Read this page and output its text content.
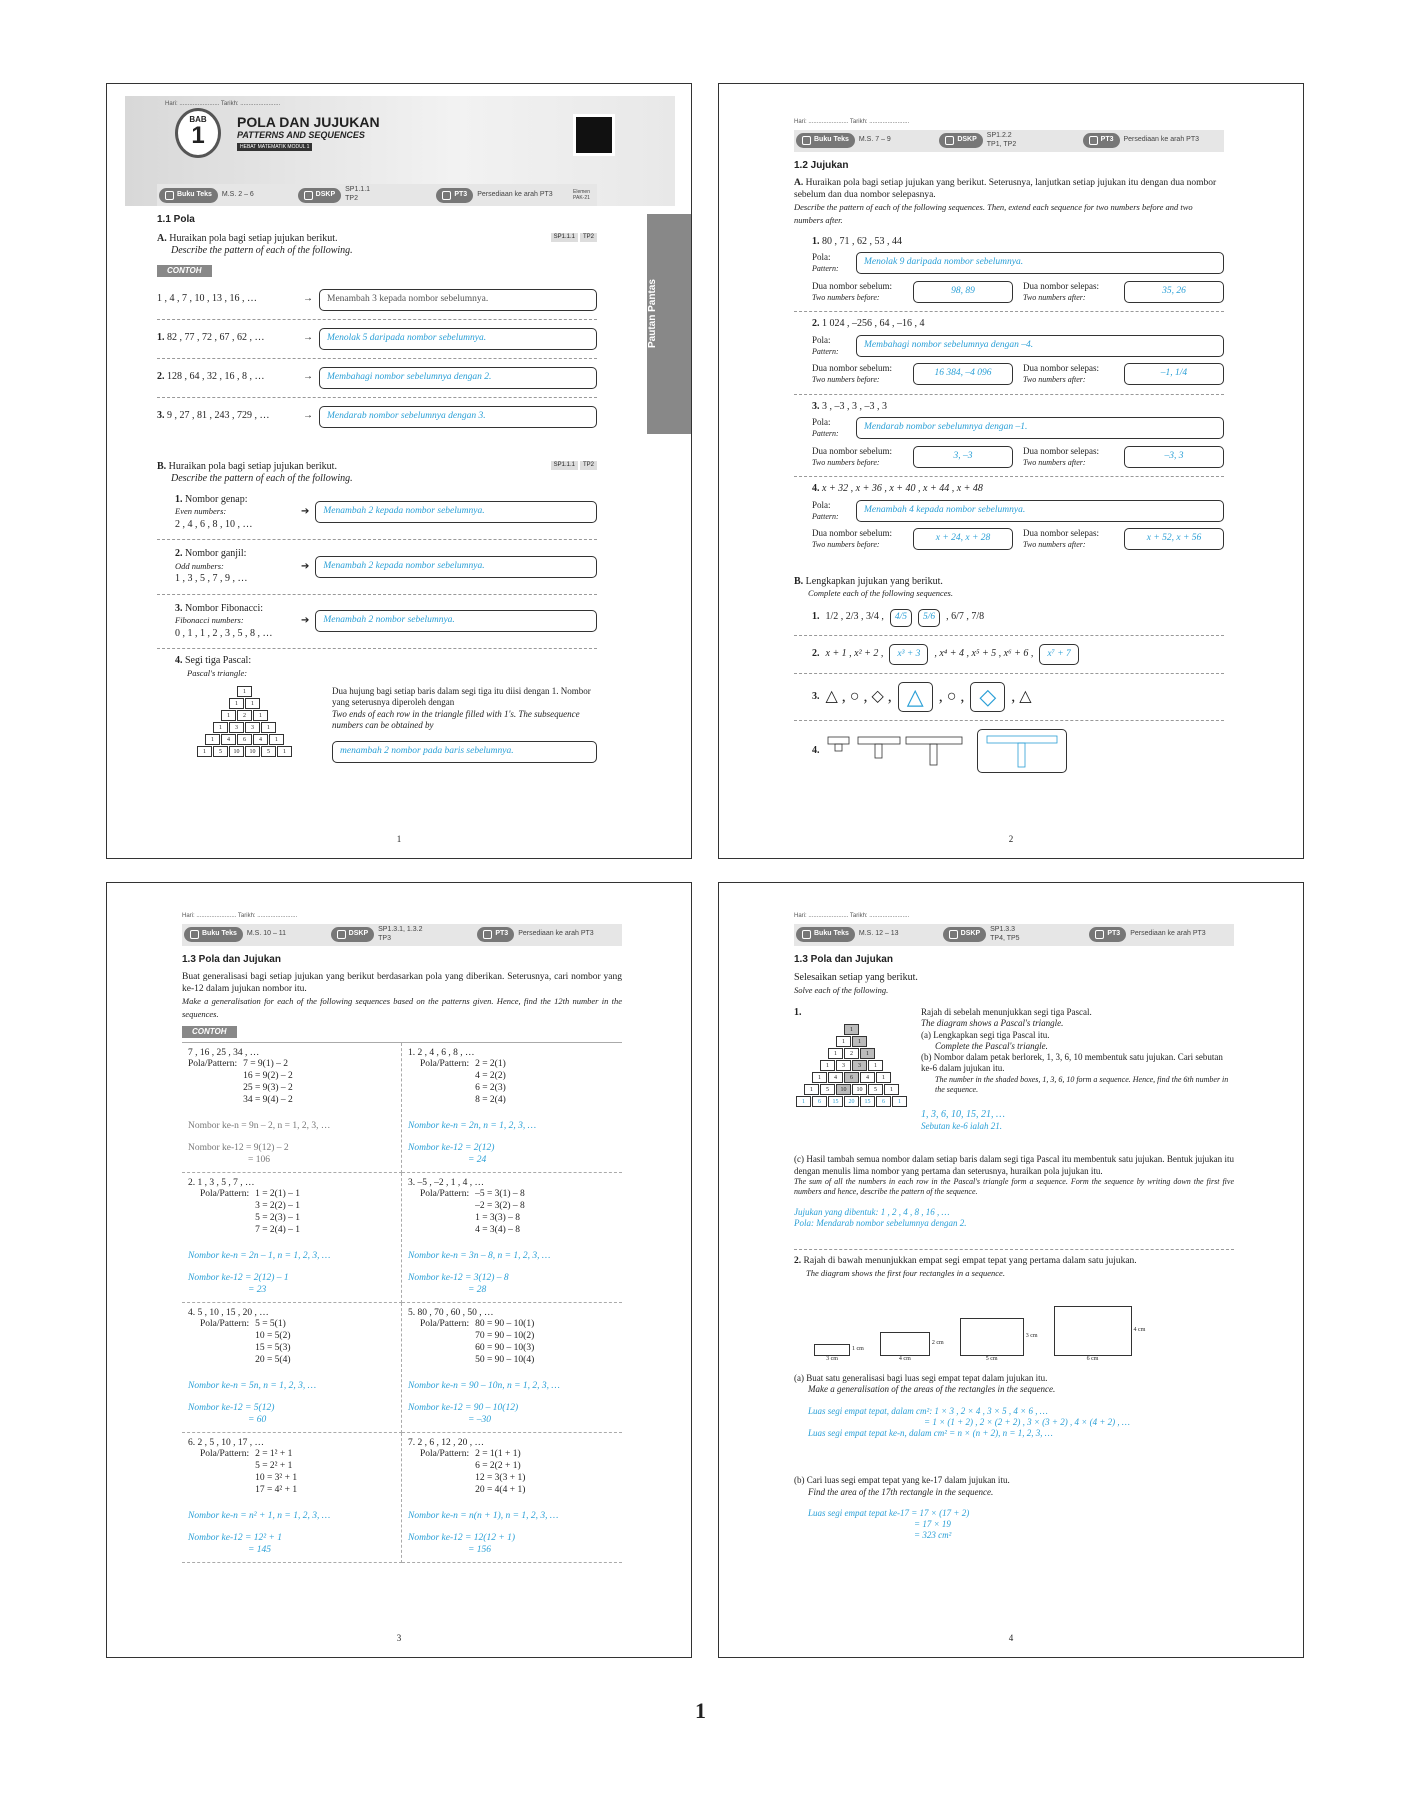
Hari: ........................ Tarikh: ........................
BAB
1	POLA DAN JUJUKAN
PATTERNS AND SEQUENCES
HEBAT MATEMATIK MODUL 1
Pautan Pantas
Buku Teks M.S. 2 – 6	DSKP
SP1.1.1
TP2
PT3 Persediaan ke arah PT3	Elemen PAK-21
1.1 Pola
TP2
SP1.1.1
A. Huraikan pola bagi setiap jujukan berikut.
Describe the pattern of each of the following.
CONTOH
1 , 4 , 7 , 10 , 13 , 16 , …	→	Menambah 3 kepada nombor sebelumnya.
1. 82 , 77 , 72 , 67 , 62 , …	→	Menolak 5 daripada nombor sebelumnya.
2. 128 , 64 , 32 , 16 , 8 , …	→	Membahagi nombor sebelumnya dengan 2.
3. 9 , 27 , 81 , 243 , 729 , …	→	Mendarab nombor sebelumnya dengan 3.
TP2
SP1.1.1
B. Huraikan pola bagi setiap jujukan berikut.
Describe the pattern of each of the following.
1. Nombor genap:
Even numbers:
2 , 4 , 6 , 8 , 10 , …
➔	Menambah 2 kepada nombor sebelumnya.
2. Nombor ganjil:
Odd numbers:
1 , 3 , 5 , 7 , 9 , …
➔	Menambah 2 kepada nombor sebelumnya.
3. Nombor Fibonacci:
Fibonacci numbers:
0 , 1 , 1 , 2 , 3 , 5 , 8 , …
➔	Menambah 2 nombor sebelumnya.
4. Segi tiga Pascal:
Pascal's triangle:
1
1	1
1	2	1
1	3	3	1
1	4	6	4	1
1	5	10	10	5	1
Dua hujung bagi setiap baris dalam segi tiga itu diisi dengan 1. Nombor yang seterusnya diperoleh dengan
Two ends of each row in the triangle filled with 1's. The subsequence numbers can be obtained by
menambah 2 nombor pada baris sebelumnya.
1
Hari: ........................ Tarikh: ........................
Buku Teks M.S. 7 – 9	DSKP
SP1.2.2
TP1, TP2
PT3 Persediaan ke arah PT3
1.2 Jujukan
A. Huraikan pola bagi setiap jujukan yang berikut. Seterusnya, lanjutkan setiap jujukan itu dengan dua nombor sebelum dan dua nombor selepasnya.
Describe the pattern of each of the following sequences. Then, extend each sequence for two numbers before and two numbers after.
1. 80 , 71 , 62 , 53 , 44
Pola:
Pattern:
Menolak 9 daripada nombor sebelumnya.
Dua nombor sebelum:
Two numbers before:
98, 89
Dua nombor selepas:
Two numbers after:
35, 26
2. 1 024 , –256 , 64 , –16 , 4
Pola:
Pattern:
Membahagi nombor sebelumnya dengan –4.
Dua nombor sebelum:
Two numbers before:
16 384, –4 096
Dua nombor selepas:
Two numbers after:
–1, 1/4
3. 3 , –3 , 3 , –3 , 3
Pola:
Pattern:
Mendarab nombor sebelumnya dengan –1.
Dua nombor sebelum:
Two numbers before:
3, –3
Dua nombor selepas:
Two numbers after:
–3, 3
4. x + 32 , x + 36 , x + 40 , x + 44 , x + 48
Pola:
Pattern:
Menambah 4 kepada nombor sebelumnya.
Dua nombor sebelum:
Two numbers before:
x + 24, x + 28
Dua nombor selepas:
Two numbers after:
x + 52, x + 56
B. Lengkapkan jujukan yang berikut.
Complete each of the following sequences.
1. 1/2 , 2/3 , 3/4 ,	4/5	5/6	, 6/7 , 7/8
2. x + 1 , x² + 2 ,	x³ + 3	, x⁴ + 4 , x⁵ + 5 , x⁶ + 6 ,	x⁷ + 7
3. △ , ○ , ◇ , △ , ○ , ◇ , △
4.
2
Hari: ........................ Tarikh: ........................
Buku Teks M.S. 10 – 11	DSKP
SP1.3.1, 1.3.2
TP3
PT3 Persediaan ke arah PT3
1.3 Pola dan Jujukan
Buat generalisasi bagi setiap jujukan yang berikut berdasarkan pola yang diberikan. Seterusnya, cari nombor yang ke-12 dalam jujukan nombor itu.
Make a generalisation for each of the following sequences based on the patterns given. Hence, find the 12th number in the sequences.
CONTOH
7 , 16 , 25 , 34 , …
Pola/Pattern: 7 = 9(1) – 2
16 = 9(2) – 2
25 = 9(3) – 2
34 = 9(4) – 2
Nombor ke-n = 9n – 2, n = 1, 2, 3, …
Nombor ke-12 = 9(12) – 2
= 106
1. 2 , 4 , 6 , 8 , …
Pola/Pattern: 2 = 2(1)
4 = 2(2)
6 = 2(3)
8 = 2(4)
Nombor ke-n = 2n, n = 1, 2, 3, …
Nombor ke-12 = 2(12)
= 24
2. 1 , 3 , 5 , 7 , …
Pola/Pattern: 1 = 2(1) – 1
3 = 2(2) – 1
5 = 2(3) – 1
7 = 2(4) – 1
Nombor ke-n = 2n – 1, n = 1, 2, 3, …
Nombor ke-12 = 2(12) – 1
= 23
3. –5 , –2 , 1 , 4 , …
Pola/Pattern: –5 = 3(1) – 8
–2 = 3(2) – 8
1 = 3(3) – 8
4 = 3(4) – 8
Nombor ke-n = 3n – 8, n = 1, 2, 3, …
Nombor ke-12 = 3(12) – 8
= 28
4. 5 , 10 , 15 , 20 , …
Pola/Pattern: 5 = 5(1)
10 = 5(2)
15 = 5(3)
20 = 5(4)
Nombor ke-n = 5n, n = 1, 2, 3, …
Nombor ke-12 = 5(12)
= 60
5. 80 , 70 , 60 , 50 , …
Pola/Pattern: 80 = 90 – 10(1)
70 = 90 – 10(2)
60 = 90 – 10(3)
50 = 90 – 10(4)
Nombor ke-n = 90 – 10n, n = 1, 2, 3, …
Nombor ke-12 = 90 – 10(12)
= –30
6. 2 , 5 , 10 , 17 , …
Pola/Pattern: 2 = 1² + 1
5 = 2² + 1
10 = 3² + 1
17 = 4² + 1
Nombor ke-n = n² + 1, n = 1, 2, 3, …
Nombor ke-12 = 12² + 1
= 145
7. 2 , 6 , 12 , 20 , …
Pola/Pattern: 2 = 1(1 + 1)
6 = 2(2 + 1)
12 = 3(3 + 1)
20 = 4(4 + 1)
Nombor ke-n = n(n + 1), n = 1, 2, 3, …
Nombor ke-12 = 12(12 + 1)
= 156
3
Hari: ........................ Tarikh: ........................
Buku Teks M.S. 12 – 13	DSKP
SP1.3.3
TP4, TP5
PT3 Persediaan ke arah PT3
1.3 Pola dan Jujukan
Selesaikan setiap yang berikut.
Solve each of the following.
1.
1
1	1
1	2	1
1	3	3	1
1	4	6	4	1
1	5	10	10	5	1
1	6	15	20	15	6	1
Rajah di sebelah menunjukkan segi tiga Pascal.
The diagram shows a Pascal's triangle.
(a) Lengkapkan segi tiga Pascal itu.
Complete the Pascal's triangle.
(b) Nombor dalam petak berlorek, 1, 3, 6, 10 membentuk satu jujukan. Cari sebutan ke-6 dalam jujukan itu.
The number in the shaded boxes, 1, 3, 6, 10 form a sequence. Hence, find the 6th number in the sequence.
1, 3, 6, 10, 15, 21, …
Sebutan ke-6 ialah 21.
(c) Hasil tambah semua nombor dalam setiap baris dalam segi tiga Pascal itu membentuk satu jujukan. Bentuk jujukan itu dengan menulis lima nombor yang pertama dan seterusnya, huraikan pola jujukan itu.
The sum of all the numbers in each row in the Pascal's triangle form a sequence. Form the sequence by writing down the first five numbers and hence, describe the pattern of the sequence.
Jujukan yang dibentuk: 1 , 2 , 4 , 8 , 16 , …
Pola: Mendarab nombor sebelumnya dengan 2.
2. Rajah di bawah menunjukkan empat segi empat tepat yang pertama dalam satu jujukan.
The diagram shows the first four rectangles in a sequence.
3 cm
1 cm
4 cm
2 cm
5 cm
3 cm
6 cm
4 cm
(a) Buat satu generalisasi bagi luas segi empat tepat dalam jujukan itu.
Make a generalisation of the areas of the rectangles in the sequence.
Luas segi empat tepat, dalam cm²: 1 × 3 , 2 × 4 , 3 × 5 , 4 × 6 , …
= 1 × (1 + 2) , 2 × (2 + 2) , 3 × (3 + 2) , 4 × (4 + 2) , …
Luas segi empat tepat ke-n, dalam cm² = n × (n + 2), n = 1, 2, 3, …
(b) Cari luas segi empat tepat yang ke-17 dalam jujukan itu.
Find the area of the 17th rectangle in the sequence.
Luas segi empat tepat ke-17 = 17 × (17 + 2)
= 17 × 19
= 323 cm²
4
1
